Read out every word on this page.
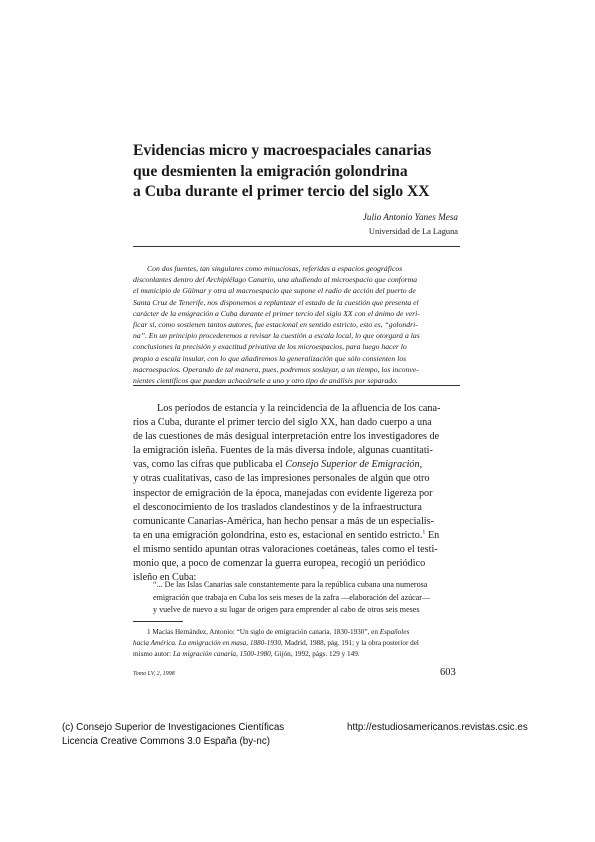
Evidencias micro y macroespaciales canarias
que desmienten la emigración golondrina
a Cuba durante el primer tercio del siglo XX
Julio Antonio Yanes Mesa
Universidad de La Laguna
Con dos fuentes, tan singulares como minuciosas, referidas a espacios geográficos
disconlantes dentro del Archipiélago Canario, una aludiendo al microespacio que conforma
el municipio de Güímar y otra al macroespacio que supone el radio de acción del puerto de
Santa Cruz de Tenerife, nos disponemos a replantear el estado de la cuestión que presenta el
carácter de la emigración a Cuba durante el primer tercio del siglo XX con el ánimo de veri-
ficar si, como sostienen tantos autores, fue estacional en sentido estricto, esto es, “golondri-
na”. En un principio procederemos a revisar la cuestión a escala local, lo que otorgará a las
conclusiones la precisión y exactitud privativa de los microespacios, para luego hacer lo
propio a escala insular, con lo que añadiremos la generalización que sólo consienten los
macroespacios. Operando de tal manera, pues, podremos soslayar, a un tiempo, los inconve-
nientes científicos que puedan achacársele a uno y otro tipo de análisis por separado.
Los períodos de estancia y la reincidencia de la afluencia de los cana-
rios a Cuba, durante el primer tercio del siglo XX, han dado cuerpo a una
de las cuestiones de más desigual interpretación entre los investigadores de
la emigración isleña. Fuentes de la más diversa índole, algunas cuantitati-
vas, como las cifras que publicaba el Consejo Superior de Emigración,
y otras cualitativas, caso de las impresiones personales de algún que otro
inspector de emigración de la época, manejadas con evidente ligereza por
el desconocimiento de los traslados clandestinos y de la infraestructura
comunicante Canarias-América, han hecho pensar a más de un especialis-
ta en una emigración golondrina, esto es, estacional en sentido estricto.$^1$ En
el mismo sentido apuntan otras valoraciones coetáneas, tales como el testi-
monio que, a poco de comenzar la guerra europea, recogió un periódico
isleño en Cuba:
“... De las Islas Canarias sale constantemente para la república cubana una numerosa
emigración que trabaja en Cuba los seis meses de la zafra —elaboración del azúcar—
y vuelve de nuevo a su lugar de origen para emprender al cabo de otros seis meses
1 Macías Hernández, Antonio: “Un siglo de emigración canaria. 1830-1930”, en Españoles
hacia América. La emigración en masa, 1880-1930, Madrid, 1988, pág. 191; y la obra posterior del
mismo autor: La migración canaria, 1500-1980, Gijón, 1992, págs. 129 y 149.
Tomo LV, 2, 1998	603
(c) Consejo Superior de Investigaciones Científicas
Licencia Creative Commons 3.0 España (by-nc)
http://estudiosamericanos.revistas.csic.es
